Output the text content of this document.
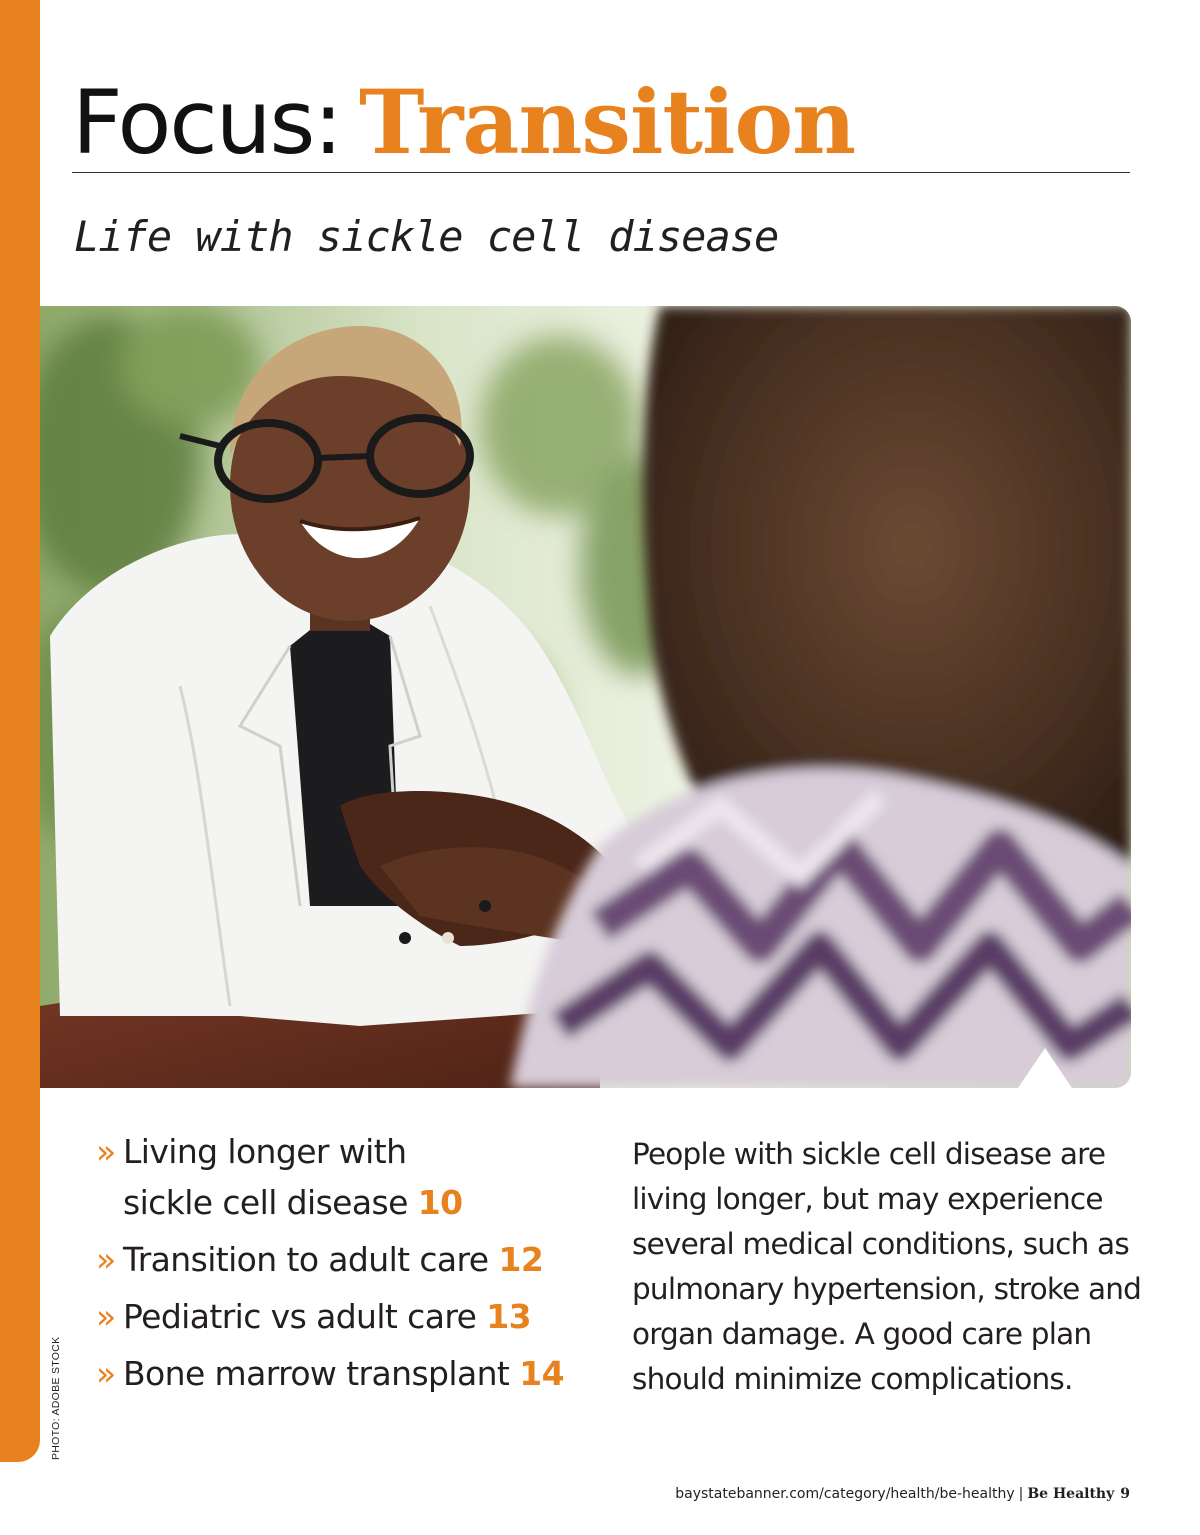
PHOTO: ADOBE STOCK
Focus: Transition
Life with sickle cell disease
» Living longer with
sickle cell disease 10
» Transition to adult care 12
» Pediatric vs adult care 13
» Bone marrow transplant 14

People with sickle cell disease are living longer, but may experience several medical conditions, such as pulmonary hypertension, stroke and organ damage. A good care plan should minimize complications.

baystatebanner.com/category/health/be-healthy | Be Healthy 9
